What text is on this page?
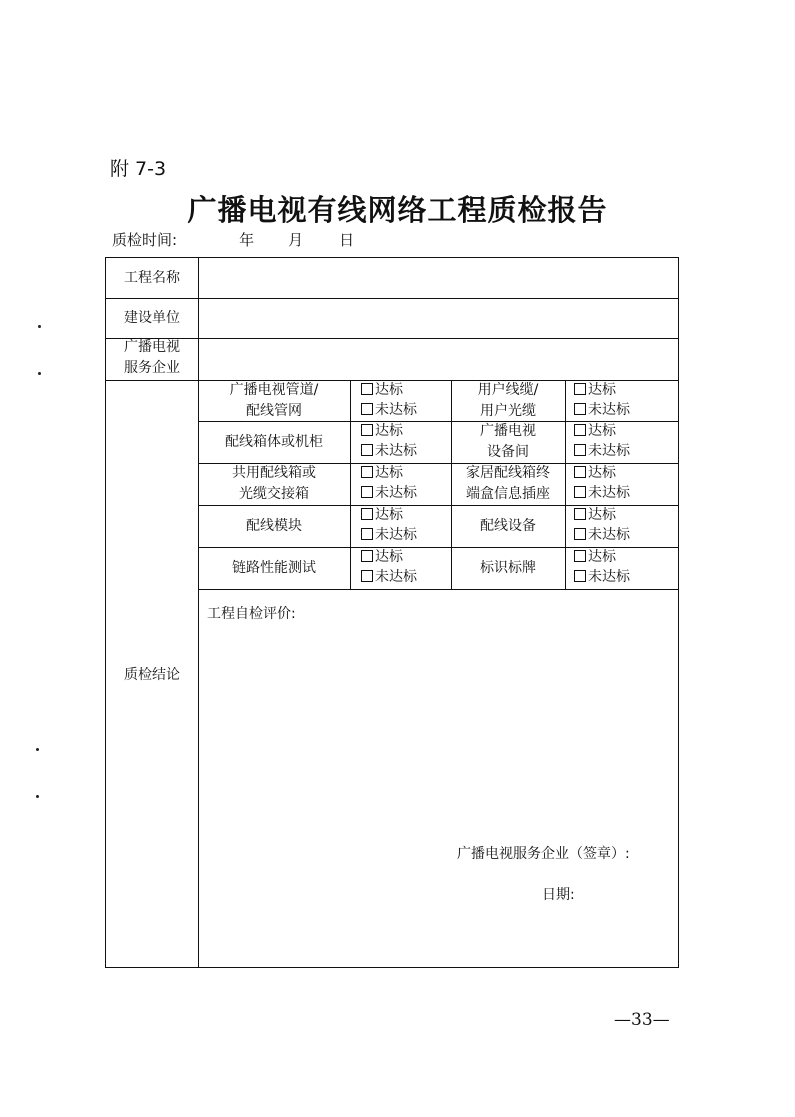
附 7-3
广播电视有线网络工程质检报告
质检时间:	年 月 日
工程名称
建设单位
广播电视
服务企业
质检结论
广播电视管道/
配线管网
达标
未达标
用户线缆/
用户光缆
达标
未达标
配线箱体或机柜
达标
未达标
广播电视
设备间
达标
未达标
共用配线箱或
光缆交接箱
达标
未达标
家居配线箱终
端盒信息插座
达标
未达标
配线模块
达标
未达标
配线设备
达标
未达标
链路性能测试
达标
未达标
标识标牌
达标
未达标
工程自检评价:
广播电视服务企业（签章）:
日期:
—33—
